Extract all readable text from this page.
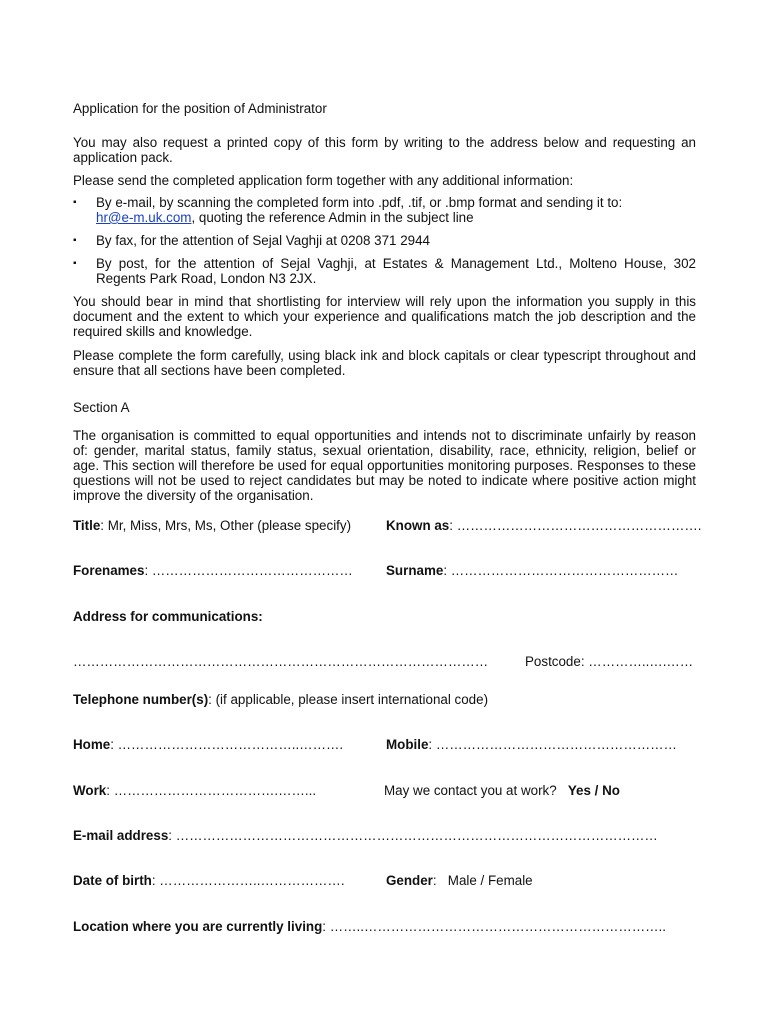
Application for the position of Administrator

You may also request a printed copy of this form by writing to the address below and requesting an application pack.

Please send the completed application form together with any additional information:

▪ By e-mail, by scanning the completed form into .pdf, .tif, or .bmp format and sending it to:
hr@e-m.uk.com, quoting the reference Admin in the subject line
▪ By fax, for the attention of Sejal Vaghji at 0208 371 2944
▪ By post, for the attention of Sejal Vaghji, at Estates & Management Ltd., Molteno House, 302 Regents Park Road, London N3 2JX.

You should bear in mind that shortlisting for interview will rely upon the information you supply in this document and the extent to which your experience and qualifications match the job description and the required skills and knowledge.

Please complete the form carefully, using black ink and block capitals or clear typescript throughout and ensure that all sections have been completed.

Section A

The organisation is committed to equal opportunities and intends not to discriminate unfairly by reason of: gender, marital status, family status, sexual orientation, disability, race, ethnicity, religion, belief or age. This section will therefore be used for equal opportunities monitoring purposes. Responses to these questions will not be used to reject candidates but may be noted to indicate where positive action might improve the diversity of the organisation.

Title: Mr, Miss, Mrs, Ms, Other (please specify)	Known as: ……………………………………………….
Forenames: ……………………………………… Surname: ……………………………………………
Address for communications:
…………………………………………………………………………………	Postcode: …………..….……
Telephone number(s): (if applicable, please insert international code)
Home: …………………………………..……….	Mobile: ………………………………………………
Work: ……………………………….……...	May we contact you at work? Yes / No
E-mail address: ………………………………………………………………………………………………
Date of birth: …………………..……………….	Gender: Male / Female
Location where you are currently living: ……..…………………………………………………………..
